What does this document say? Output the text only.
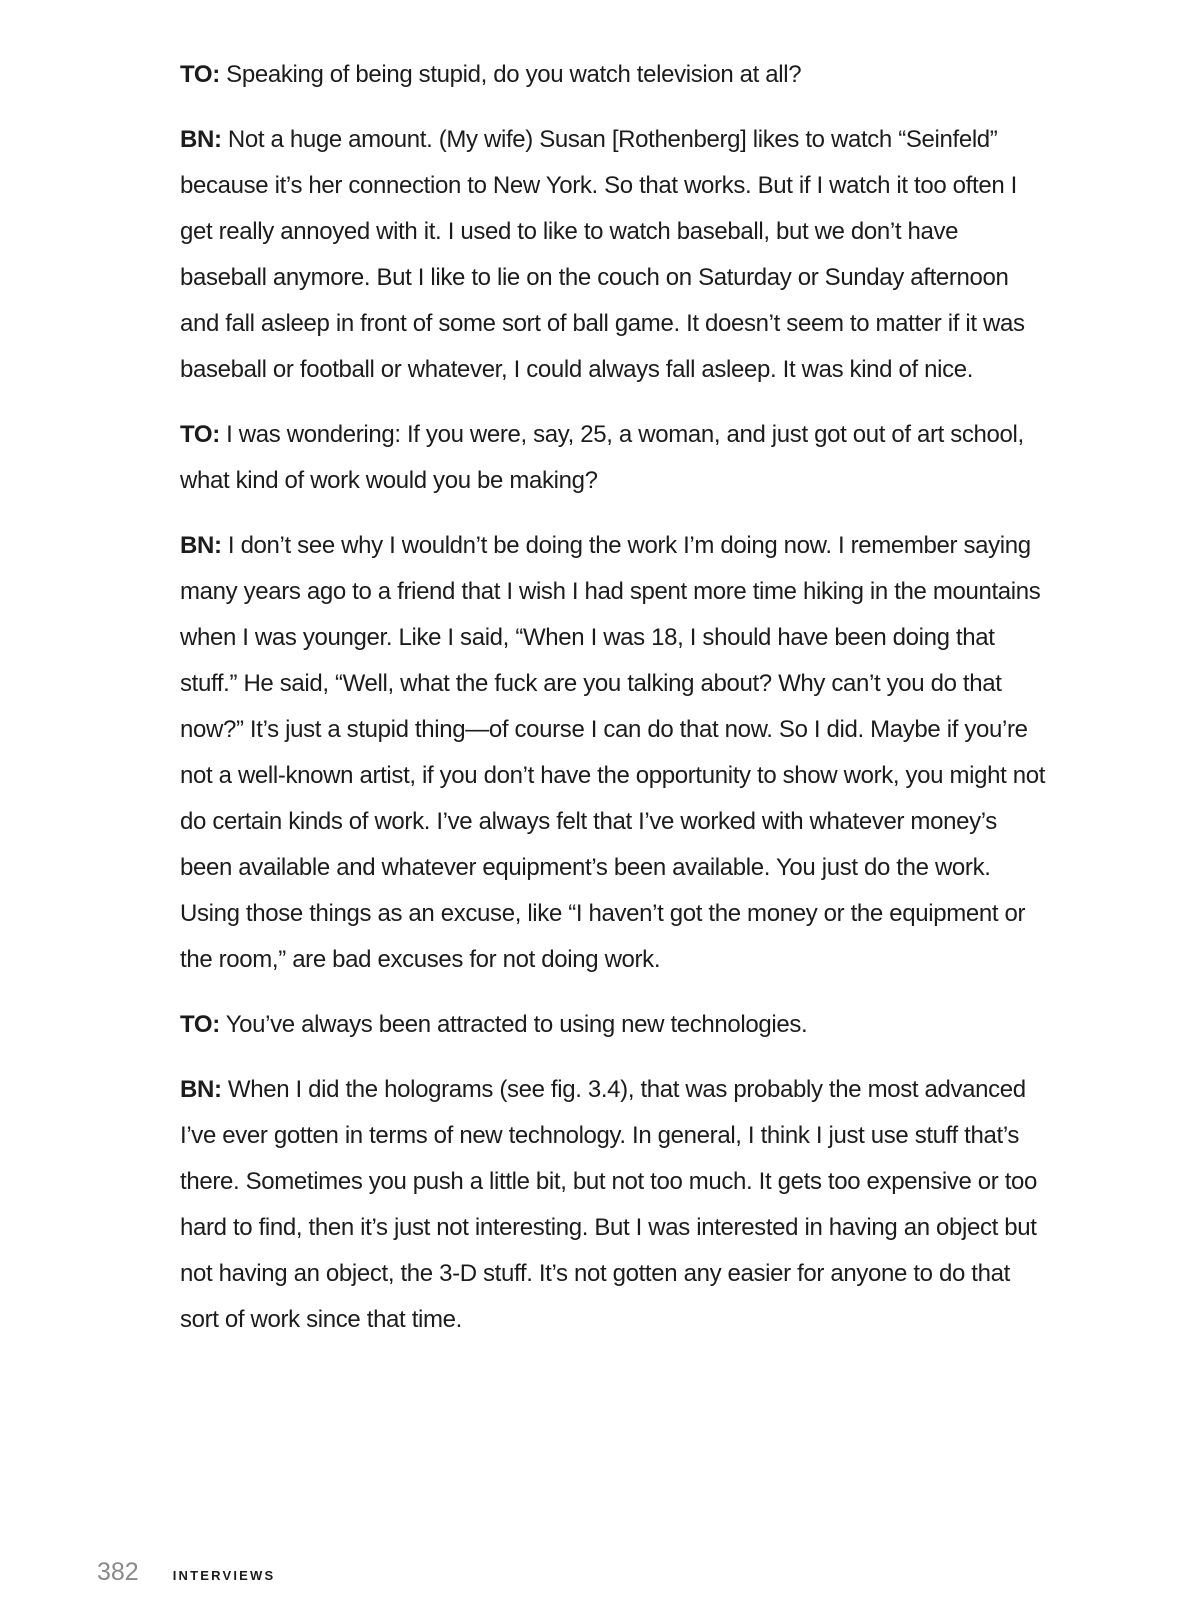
TO: Speaking of being stupid, do you watch television at all?

BN: Not a huge amount. (My wife) Susan [Rothenberg] likes to watch “Seinfeld” because it’s her connection to New York. So that works. But if I watch it too often I get really annoyed with it. I used to like to watch baseball, but we don’t have baseball anymore. But I like to lie on the couch on Saturday or Sunday afternoon and fall asleep in front of some sort of ball game. It doesn’t seem to matter if it was baseball or football or whatever, I could always fall asleep. It was kind of nice.

TO: I was wondering: If you were, say, 25, a woman, and just got out of art school, what kind of work would you be making?

BN: I don’t see why I wouldn’t be doing the work I’m doing now. I remember saying many years ago to a friend that I wish I had spent more time hiking in the mountains when I was younger. Like I said, “When I was 18, I should have been doing that stuff.” He said, “Well, what the fuck are you talking about? Why can’t you do that now?” It’s just a stupid thing—of course I can do that now. So I did. Maybe if you’re not a well-known artist, if you don’t have the opportunity to show work, you might not do certain kinds of work. I’ve always felt that I’ve worked with whatever money’s been available and whatever equipment’s been available. You just do the work. Using those things as an excuse, like “I haven’t got the money or the equipment or the room,” are bad excuses for not doing work.

TO: You’ve always been attracted to using new technologies.

BN: When I did the holograms (see fig. 3.4), that was probably the most advanced I’ve ever gotten in terms of new technology. In general, I think I just use stuff that’s there. Sometimes you push a little bit, but not too much. It gets too expensive or too hard to find, then it’s just not interesting. But I was interested in having an object but not having an object, the 3-D stuff. It’s not gotten any easier for anyone to do that sort of work since that time.

382	INTERVIEWS
